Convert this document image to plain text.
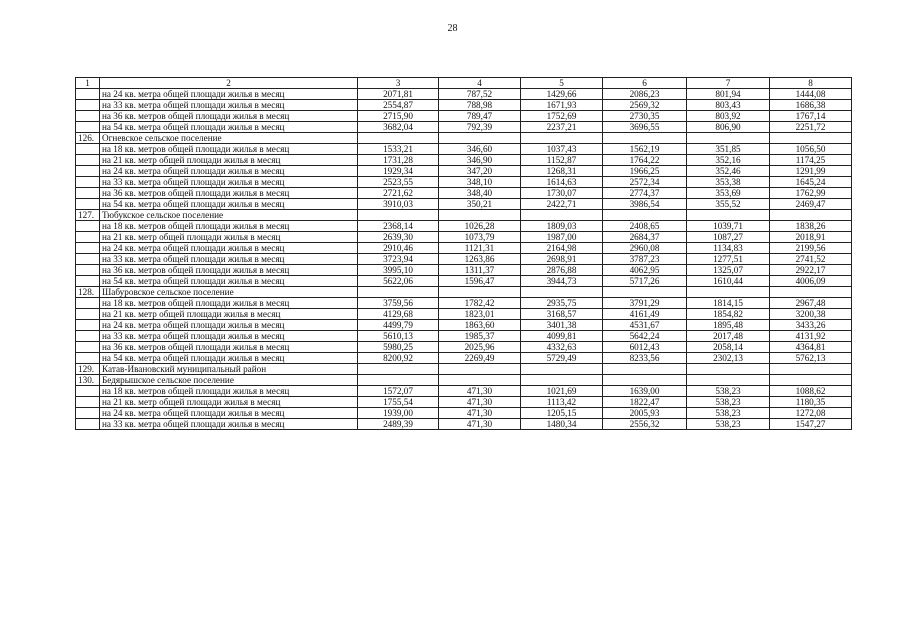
28
1	2	3	4	5	6	7	8
	на 24 кв. метра общей площади жилья в месяц	2071,81	787,52	1429,66	2086,23	801,94	1444,08
	на 33 кв. метра общей площади жилья в месяц	2554,87	788,98	1671,93	2569,32	803,43	1686,38
	на 36 кв. метров общей площади жилья в месяц	2715,90	789,47	1752,69	2730,35	803,92	1767,14
	на 54 кв. метра общей площади жилья в месяц	3682,04	792,39	2237,21	3696,55	806,90	2251,72
126.	Огневское сельское поселение						
	на 18 кв. метров общей площади жилья в месяц	1533,21	346,60	1037,43	1562,19	351,85	1056,50
	на 21 кв. метр общей площади жилья в месяц	1731,28	346,90	1152,87	1764,22	352,16	1174,25
	на 24 кв. метра общей площади жилья в месяц	1929,34	347,20	1268,31	1966,25	352,46	1291,99
	на 33 кв. метра общей площади жилья в месяц	2523,55	348,10	1614,63	2572,34	353,38	1645,24
	на 36 кв. метров общей площади жилья в месяц	2721,62	348,40	1730,07	2774,37	353,69	1762,99
	на 54 кв. метра общей площади жилья в месяц	3910,03	350,21	2422,71	3986,54	355,52	2469,47
127.	Тюбукское сельское поселение						
	на 18 кв. метров общей площади жилья в месяц	2368,14	1026,28	1809,03	2408,65	1039,71	1838,26
	на 21 кв. метр общей площади жилья в месяц	2639,30	1073,79	1987,00	2684,37	1087,27	2018,91
	на 24 кв. метра общей площади жилья в месяц	2910,46	1121,31	2164,98	2960,08	1134,83	2199,56
	на 33 кв. метра общей площади жилья в месяц	3723,94	1263,86	2698,91	3787,23	1277,51	2741,52
	на 36 кв. метров общей площади жилья в месяц	3995,10	1311,37	2876,88	4062,95	1325,07	2922,17
	на 54 кв. метра общей площади жилья в месяц	5622,06	1596,47	3944,73	5717,26	1610,44	4006,09
128.	Шабуровское сельское поселение						
	на 18 кв. метров общей площади жилья в месяц	3759,56	1782,42	2935,75	3791,29	1814,15	2967,48
	на 21 кв. метр общей площади жилья в месяц	4129,68	1823,01	3168,57	4161,49	1854,82	3200,38
	на 24 кв. метра общей площади жилья в месяц	4499,79	1863,60	3401,38	4531,67	1895,48	3433,26
	на 33 кв. метра общей площади жилья в месяц	5610,13	1985,37	4099,81	5642,24	2017,48	4131,92
	на 36 кв. метров общей площади жилья в месяц	5980,25	2025,96	4332,63	6012,43	2058,14	4364,81
	на 54 кв. метра общей площади жилья в месяц	8200,92	2269,49	5729,49	8233,56	2302,13	5762,13
129.	Катав-Ивановский муниципальный район						
130.	Бедярышское сельское поселение						
	на 18 кв. метров общей площади жилья в месяц	1572,07	471,30	1021,69	1639,00	538,23	1088,62
	на 21 кв. метр общей площади жилья в месяц	1755,54	471,30	1113,42	1822,47	538,23	1180,35
	на 24 кв. метра общей площади жилья в месяц	1939,00	471,30	1205,15	2005,93	538,23	1272,08
	на 33 кв. метра общей площади жилья в месяц	2489,39	471,30	1480,34	2556,32	538,23	1547,27
